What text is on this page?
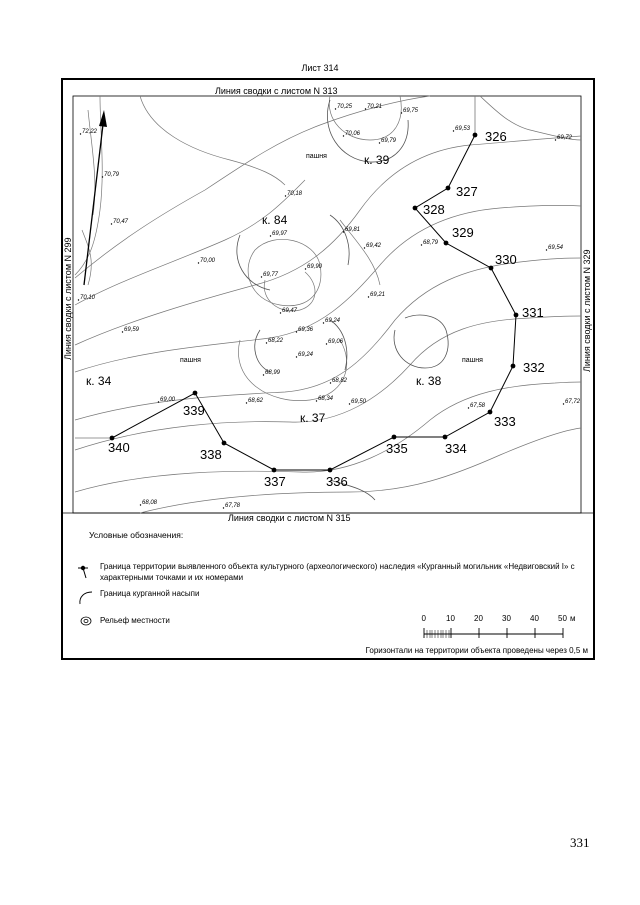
Лист 314
326
327
328
329
330
331
332
333
334
335
336
337
338
339
340
Линия сводки с листом N 313
Линия сводки с листом N 315
Линия сводки с листом N 299	Линия сводки с листом N 329
к. 39
к. 84
к. 34	к. 38
к. 37
пашня
пашня	пашня
70,25 70,21
69,75
70,06
69,79
69,53
69,72
72,22
70,79
70,18
70,47
69,97
69,81
70,00
69,42	68,79
69,54
69,77
69,90
69,21
70,10
69,47
69,59
69,24
69,36
68,22	69,06
69,24
68,99
68,82
69,00	68,62	69,50
67,58
67,72
68,08	67,78
68,34
Условные обозначения:
Граница территории выявленного объекта культурного (археологического) наследия «Курганный могильник «Недвиговский I» с характерными точками и их номерами
Граница курганной насыпи
Рельеф местности	0	10 20 30 40 50 м
Горизонтали на территории объекта проведены через 0,5 м
331
